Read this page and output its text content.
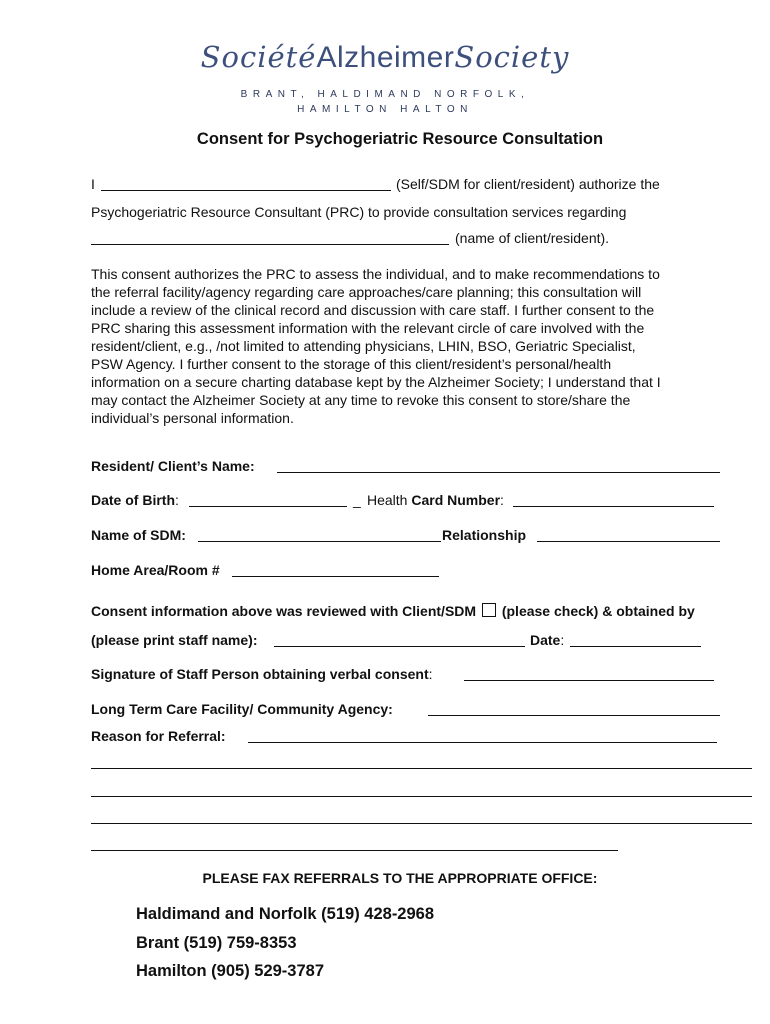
SociétéAlzheimerSociety
BRANT, HALDIMAND NORFOLK,
HAMILTON HALTON
Consent for Psychogeriatric Resource Consultation
I	(Self/SDM for client/resident) authorize the
Psychogeriatric Resource Consultant (PRC) to provide consultation services regarding
(name of client/resident).
This consent authorizes the PRC to assess the individual, and to make recommendations to
the referral facility/agency regarding care approaches/care planning; this consultation will
include a review of the clinical record and discussion with care staff. I further consent to the
PRC sharing this assessment information with the relevant circle of care involved with the
resident/client, e.g., /not limited to attending physicians, LHIN, BSO, Geriatric Specialist,
PSW Agency. I further consent to the storage of this client/resident’s personal/health
information on a secure charting database kept by the Alzheimer Society; I understand that I
may contact the Alzheimer Society at any time to revoke this consent to store/share the
individual’s personal information.
Resident/ Client’s Name:
Date of Birth:	_ Health Card Number:
Name of SDM:	Relationship
Home Area/Room #
Consent information above was reviewed with Client/SDM (please check) & obtained by
(please print staff name):	Date:
Signature of Staff Person obtaining verbal consent:
Long Term Care Facility/ Community Agency:
Reason for Referral:
PLEASE FAX REFERRALS TO THE APPROPRIATE OFFICE:
Haldimand and Norfolk (519) 428-2968
Brant (519) 759-8353
Hamilton (905) 529-3787
